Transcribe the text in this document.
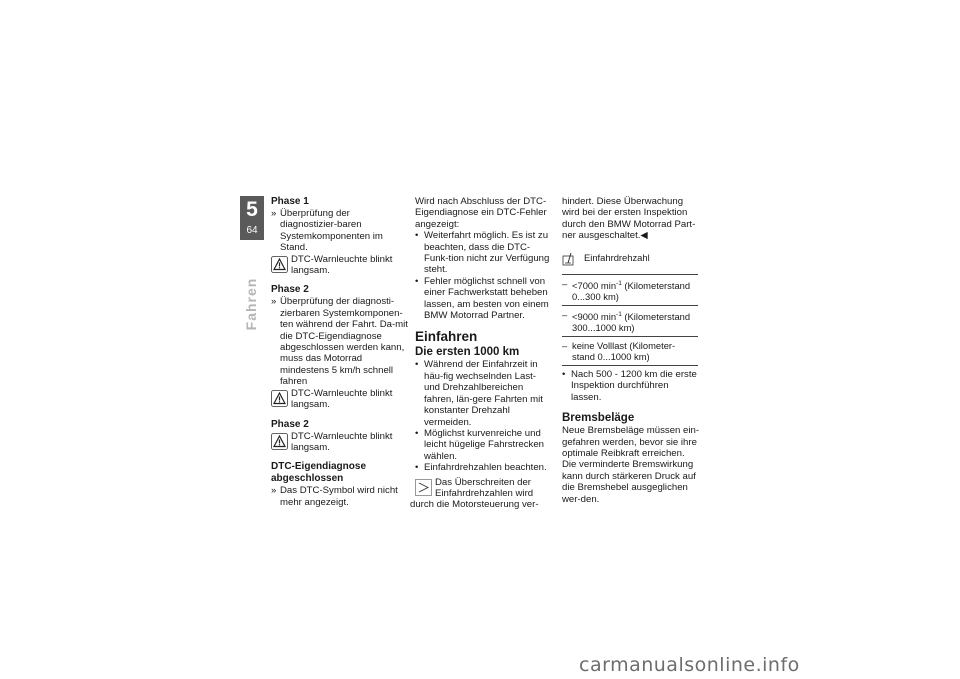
5
64
Fahren

Phase 1

» Überprüfung der diagnostizier-baren Systemkomponenten im Stand.
DTC-Warnleuchte blinkt langsam.

Phase 2

» Überprüfung der diagnosti-zierbaren Systemkomponen-ten während der Fahrt. Da-mit die DTC-Eigendiagnose abgeschlossen werden kann, muss das Motorrad mindestens 5 km/h schnell fahren
DTC-Warnleuchte blinkt langsam.

Phase 2

DTC-Warnleuchte blinkt langsam.

DTC-Eigendiagnose abgeschlossen

» Das DTC-Symbol wird nicht mehr angezeigt.

Wird nach Abschluss der DTC-Eigendiagnose ein DTC-Fehler angezeigt:

• Weiterfahrt möglich. Es ist zu beachten, dass die DTC-Funk-tion nicht zur Verfügung steht.
• Fehler möglichst schnell von einer Fachwerkstatt beheben lassen, am besten von einem BMW Motorrad Partner.

Einfahren

Die ersten 1000 km

• Während der Einfahrzeit in häu-fig wechselnden Last- und Drehzahlbereichen fahren, län-gere Fahrten mit konstanter Drehzahl vermeiden.
• Möglichst kurvenreiche und leicht hügelige Fahrstrecken wählen.
• Einfahrdrehzahlen beachten.
Das Überschreiten der Einfahrdrehzahlen wird

durch die Motorsteuerung ver-

hindert. Diese Überwachung wird bei der ersten Inspektion durch den BMW Motorrad Part-ner ausgeschaltet.◀

Einfahrdrehzahl

– <7000 $\min^{-1}$ (Kilometerstand 0...300 km)

– <9000 $\min^{-1}$ (Kilometerstand 300...1000 km)

– keine Volllast (Kilometer-stand 0...1000 km)
• Nach 500 - 1200 km die erste Inspektion durchführen lassen.

Bremsbeläge

Neue Bremsbeläge müssen ein-gefahren werden, bevor sie ihre optimale Reibkraft erreichen. Die verminderte Bremswirkung kann durch stärkeren Druck auf die Bremshebel ausgeglichen wer-den.

carmanualsonline.info
